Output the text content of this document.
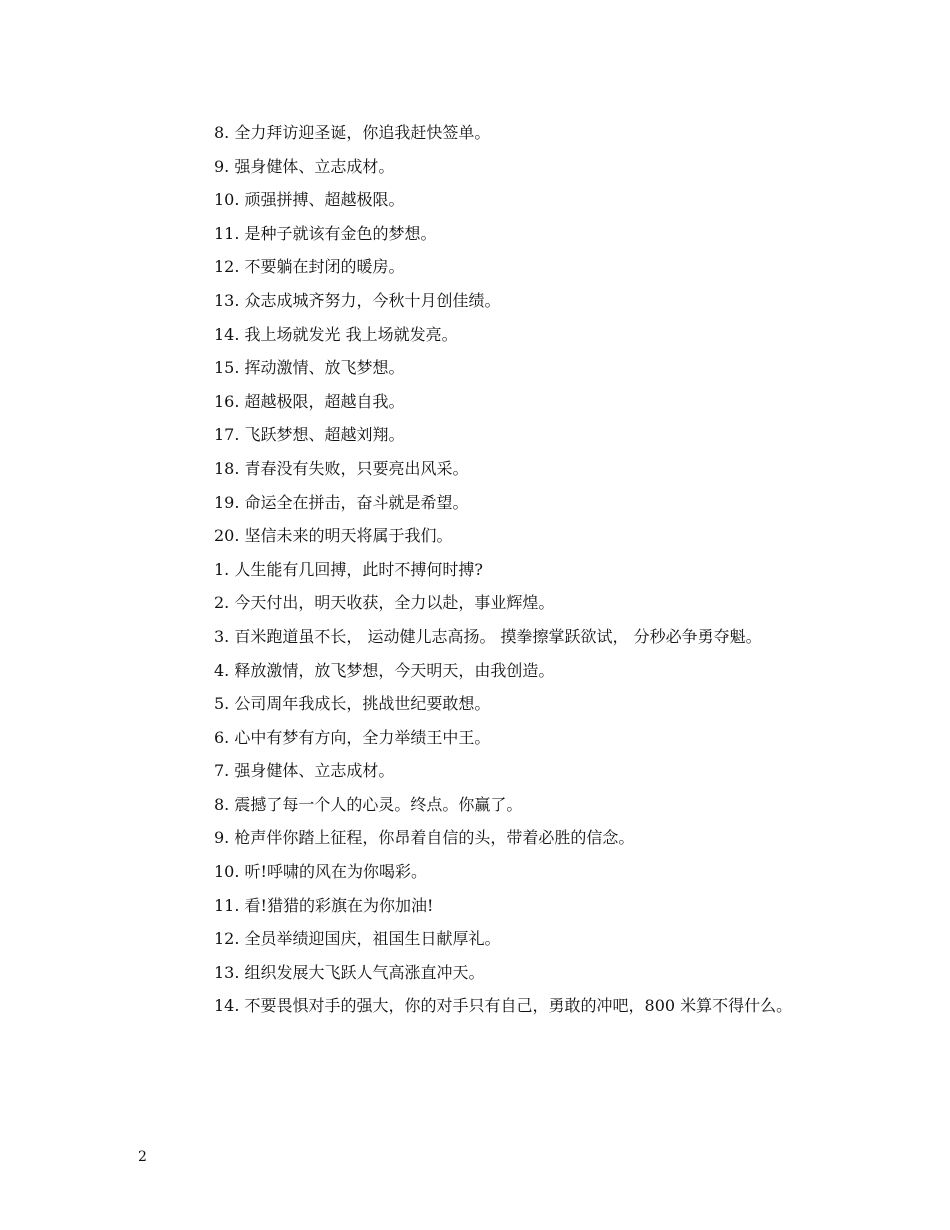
8. 全力拜访迎圣诞，你追我赶快签单。
9. 强身健体、立志成材。
10. 顽强拼搏、超越极限。
11. 是种子就该有金色的梦想。
12. 不要躺在封闭的暖房。
13. 众志成城齐努力，今秋十月创佳绩。
14. 我上场就发光 我上场就发亮。
15. 挥动激情、放飞梦想。
16. 超越极限，超越自我。
17. 飞跃梦想、超越刘翔。
18. 青春没有失败，只要亮出风采。
19. 命运全在拼击，奋斗就是希望。
20. 坚信未来的明天将属于我们。
1. 人生能有几回搏，此时不搏何时搏?
2. 今天付出，明天收获，全力以赴，事业辉煌。
3. 百米跑道虽不长， 运动健儿志高扬。 摸拳擦掌跃欲试， 分秒必争勇夺魁。
4. 释放激情，放飞梦想，今天明天，由我创造。
5. 公司周年我成长，挑战世纪要敢想。
6. 心中有梦有方向，全力举绩王中王。
7. 强身健体、立志成材。
8. 震撼了每一个人的心灵。终点。你赢了。
9. 枪声伴你踏上征程，你昂着自信的头，带着必胜的信念。
10. 听!呼啸的风在为你喝彩。
11. 看!猎猎的彩旗在为你加油!
12. 全员举绩迎国庆，祖国生日献厚礼。
13. 组织发展大飞跃人气高涨直冲天。
14. 不要畏惧对手的强大，你的对手只有自己，勇敢的冲吧，800 米算不得什么。
2
